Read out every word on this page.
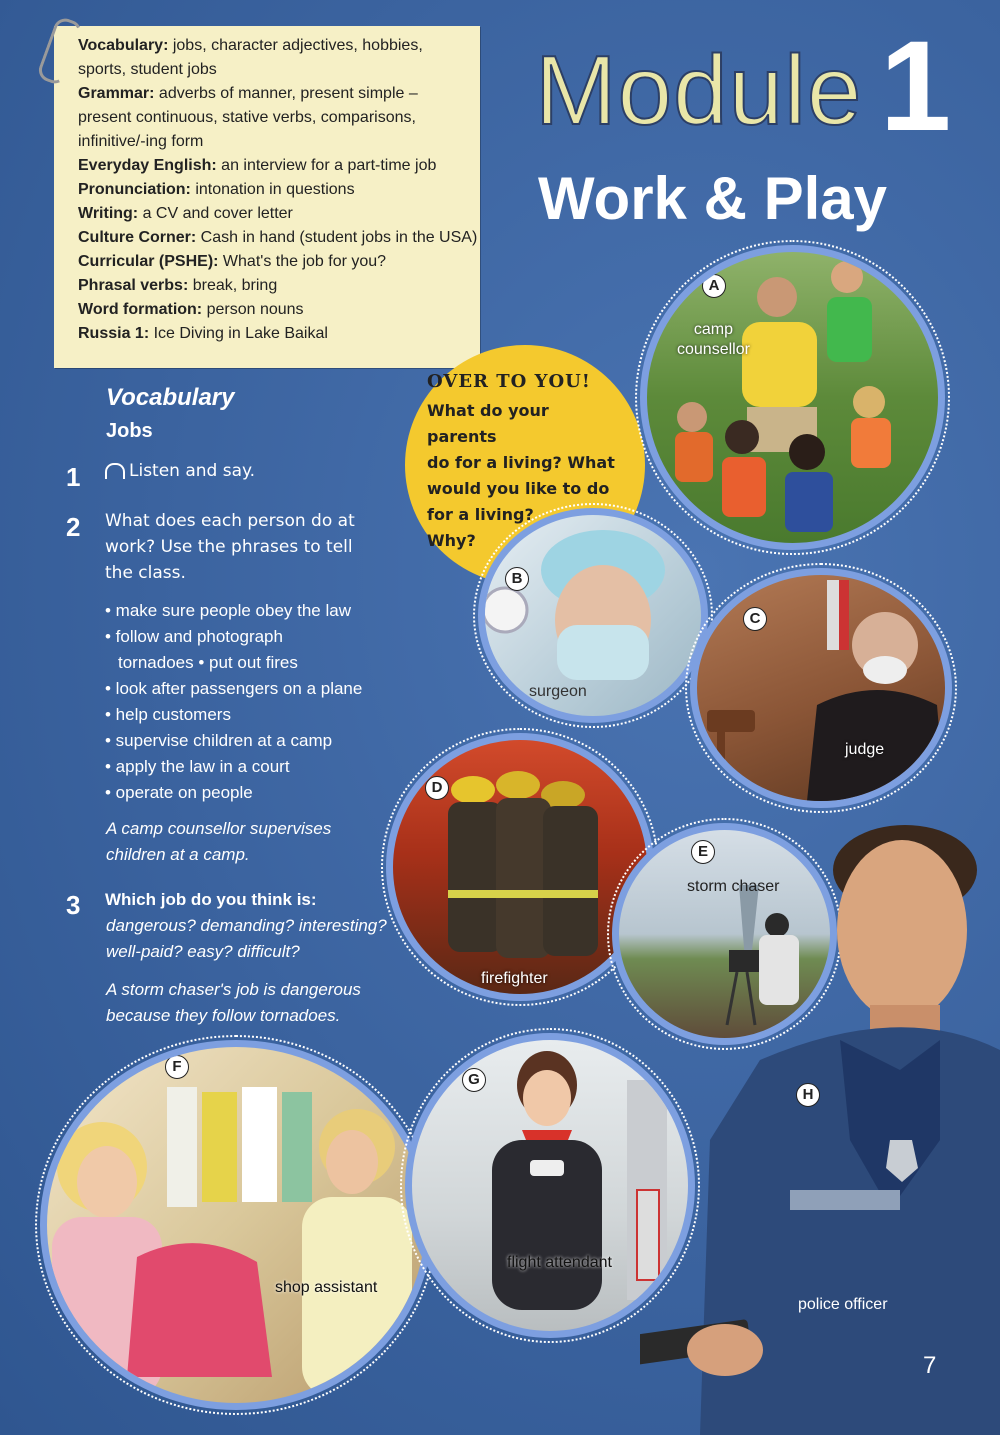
Vocabulary: jobs, character adjectives, hobbies,
sports, student jobs
Grammar: adverbs of manner, present simple –
present continuous, stative verbs, comparisons,
infinitive/-ing form
Everyday English: an interview for a part-time job
Pronunciation: intonation in questions
Writing: a CV and cover letter
Culture Corner: Cash in hand (student jobs in the USA)
Curricular (PSHE): What's the job for you?
Phrasal verbs: break, bring
Word formation: person nouns
Russia 1: Ice Diving in Lake Baikal
Module 1
Work & Play
Vocabulary
Jobs
1	Listen and say.
2 What does each person do at
work? Use the phrases to tell
the class.
• make sure people obey the law
• follow and photograph
tornadoes • put out fires
• look after passengers on a plane
• help customers
• supervise children at a camp
• apply the law in a court
• operate on people
A camp counsellor supervises
children at a camp.
3 Which job do you think is:
dangerous? demanding? interesting?
well-paid? easy? difficult?
A storm chaser's job is dangerous
because they follow tornadoes.
OVER TO YOU!
What do your parents
do for a living? What
would you like to do
for a living?
Why?
A
camp
counsellor
B
surgeon
C
judge
D
firefighter
E
storm chaser
F
shop assistant
G
flight attendant
H
police officer
7
